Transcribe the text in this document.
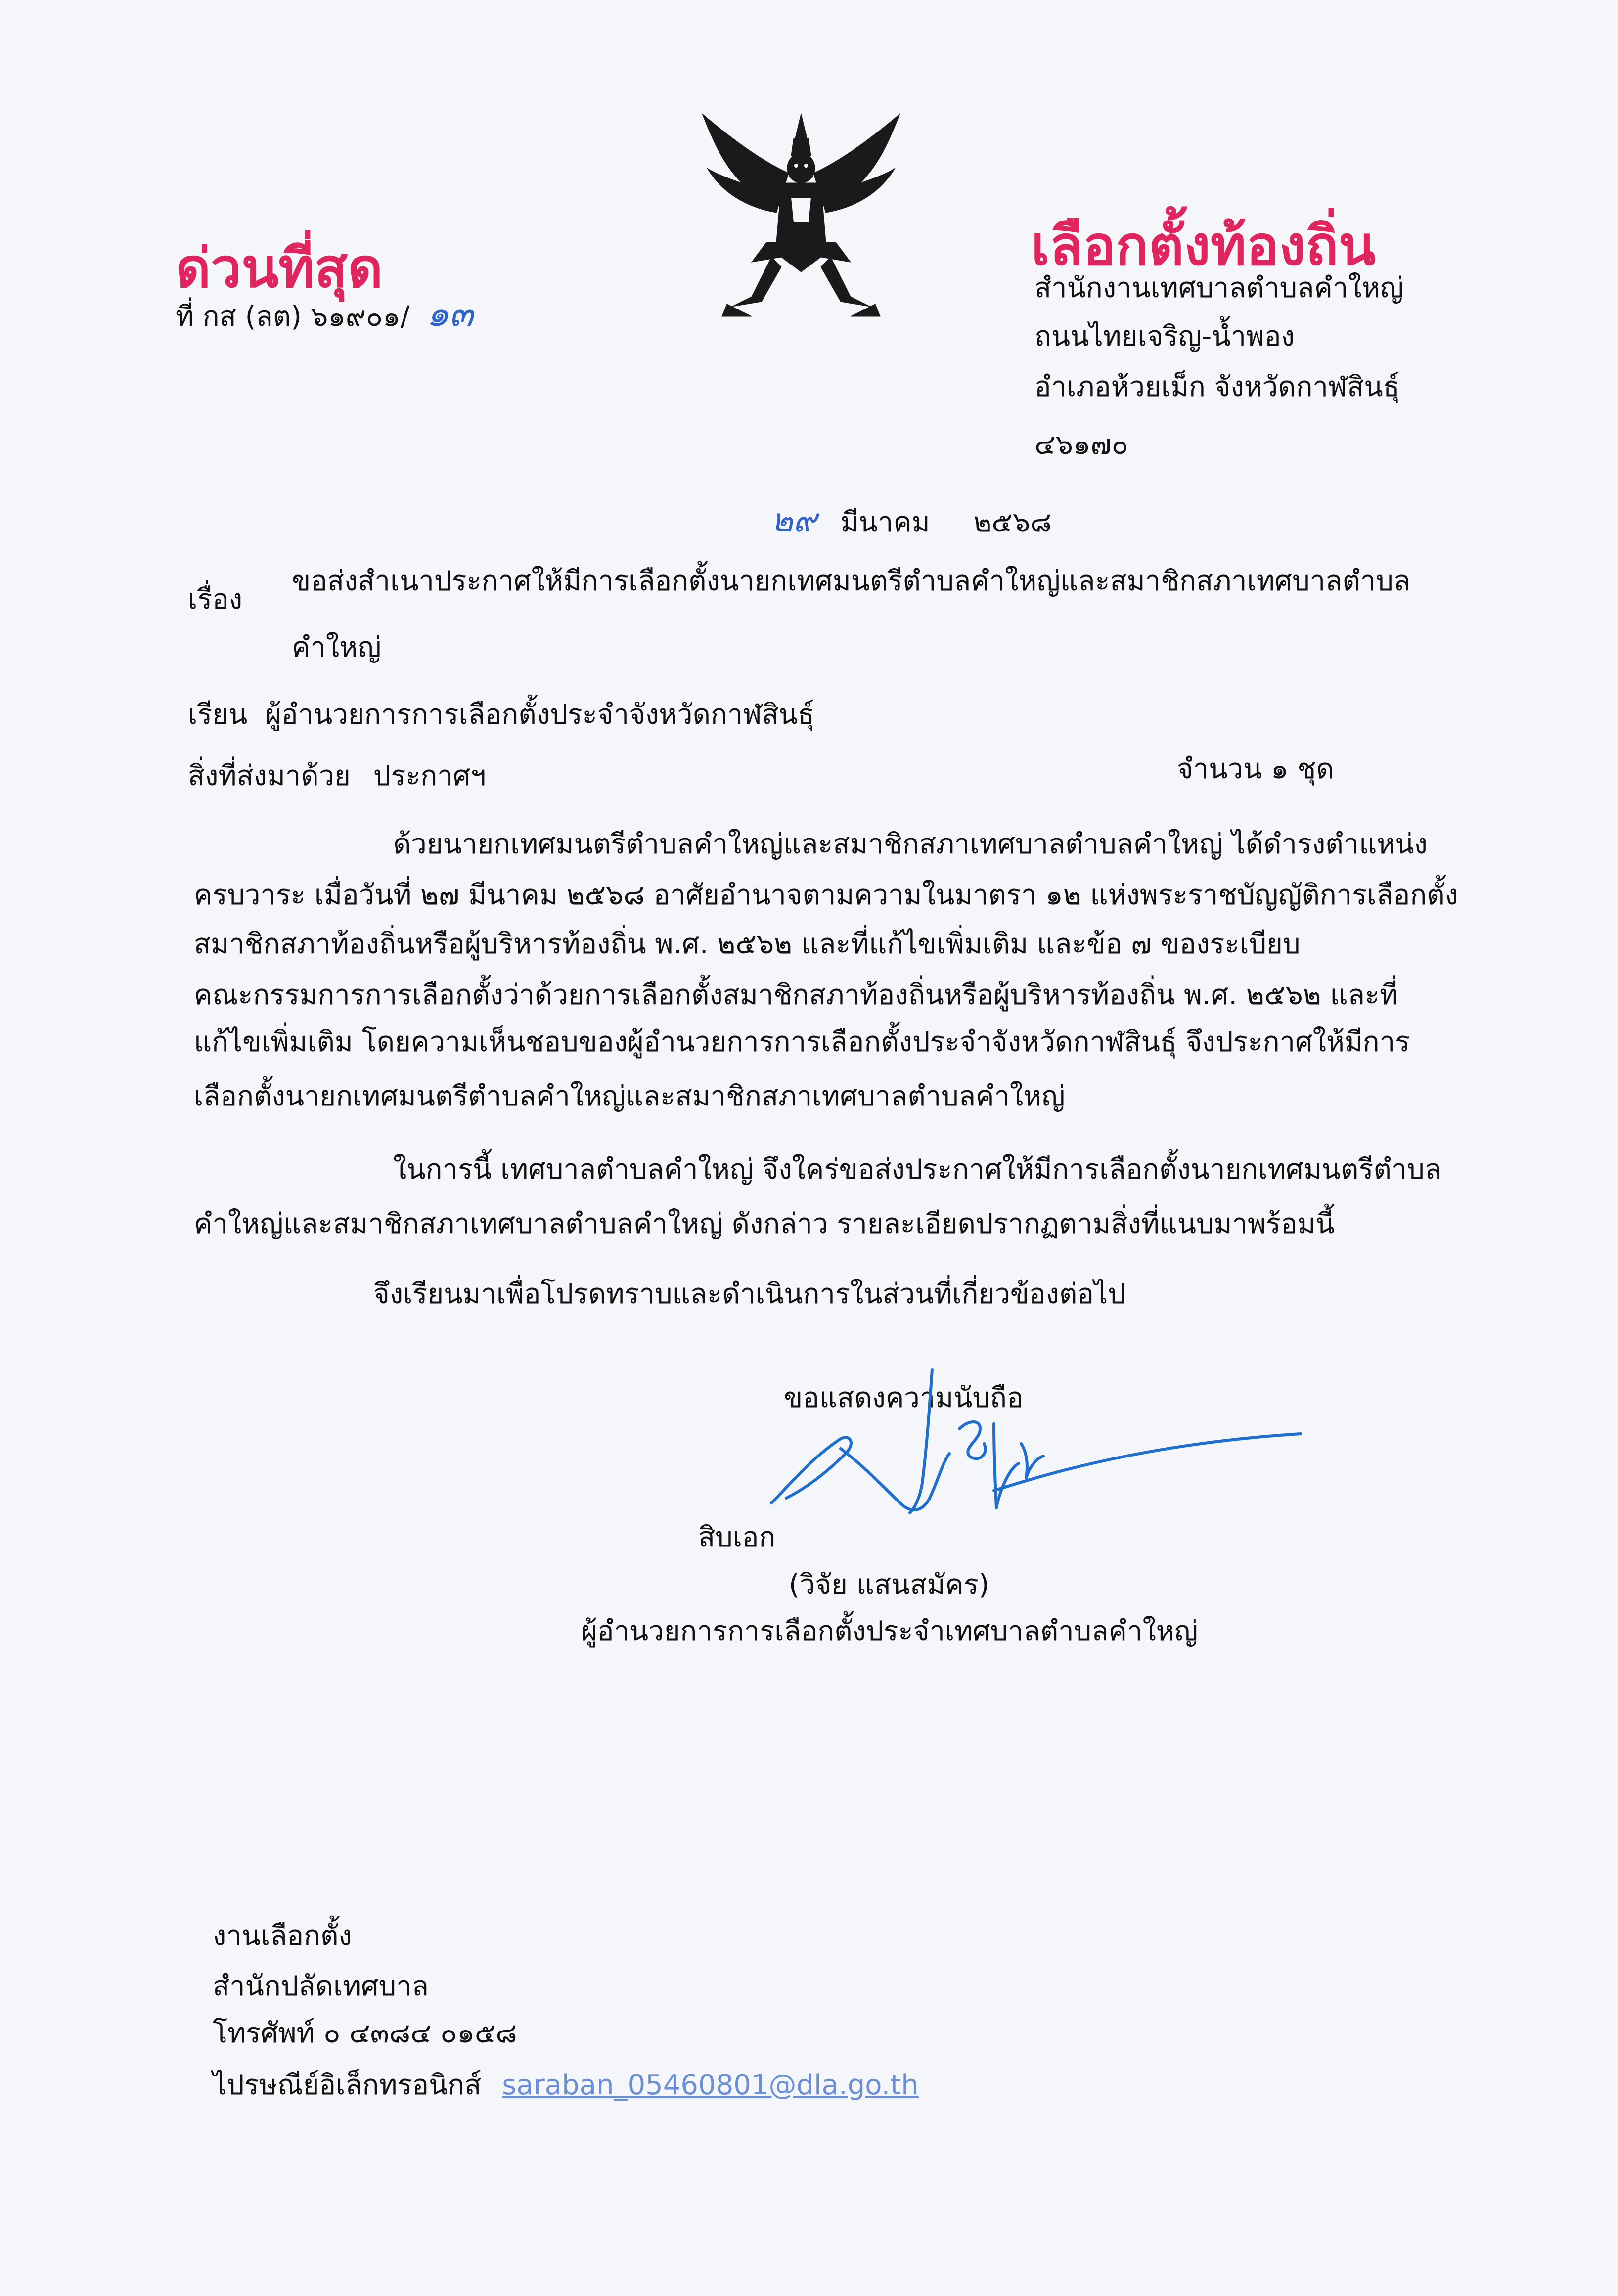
ด่วนที่สุด
ที่ กส (ลต) ๖๑๙๐๑/ ๑๓
เลือกตั้งท้องถิ่น
สำนักงานเทศบาลตำบลคำใหญ่
ถนนไทยเจริญ-น้ำพอง
อำเภอห้วยเม็ก จังหวัดกาฬสินธุ์
๔๖๑๗๐
๒๙ มีนาคม ๒๕๖๘
เรื่อง
ขอส่งสำเนาประกาศให้มีการเลือกตั้งนายกเทศมนตรีตำบลคำใหญ่และสมาชิกสภาเทศบาลตำบล
คำใหญ่
เรียน ผู้อำนวยการการเลือกตั้งประจำจังหวัดกาฬสินธุ์
สิ่งที่ส่งมาด้วย ประกาศฯ	จำนวน ๑ ชุด
ด้วยนายกเทศมนตรีตำบลคำใหญ่และสมาชิกสภาเทศบาลตำบลคำใหญ่ ได้ดำรงตำแหน่ง
ครบวาระ เมื่อวันที่ ๒๗ มีนาคม ๒๕๖๘ อาศัยอำนาจตามความในมาตรา ๑๒ แห่งพระราชบัญญัติการเลือกตั้ง
สมาชิกสภาท้องถิ่นหรือผู้บริหารท้องถิ่น พ.ศ. ๒๕๖๒ และที่แก้ไขเพิ่มเติม และข้อ ๗ ของระเบียบ
คณะกรรมการการเลือกตั้งว่าด้วยการเลือกตั้งสมาชิกสภาท้องถิ่นหรือผู้บริหารท้องถิ่น พ.ศ. ๒๕๖๒ และที่
แก้ไขเพิ่มเติม โดยความเห็นชอบของผู้อำนวยการการเลือกตั้งประจำจังหวัดกาฬสินธุ์ จึงประกาศให้มีการ
เลือกตั้งนายกเทศมนตรีตำบลคำใหญ่และสมาชิกสภาเทศบาลตำบลคำใหญ่
ในการนี้ เทศบาลตำบลคำใหญ่ จึงใคร่ขอส่งประกาศให้มีการเลือกตั้งนายกเทศมนตรีตำบล
คำใหญ่และสมาชิกสภาเทศบาลตำบลคำใหญ่ ดังกล่าว รายละเอียดปรากฏตามสิ่งที่แนบมาพร้อมนี้
จึงเรียนมาเพื่อโปรดทราบและดำเนินการในส่วนที่เกี่ยวข้องต่อไป
ขอแสดงความนับถือ
สิบเอก
(วิจัย แสนสมัคร)
ผู้อำนวยการการเลือกตั้งประจำเทศบาลตำบลคำใหญ่
งานเลือกตั้ง
สำนักปลัดเทศบาล
โทรศัพท์ ๐ ๔๓๘๔ ๐๑๕๘
ไปรษณีย์อิเล็กทรอนิกส์ saraban_05460801@dla.go.th
